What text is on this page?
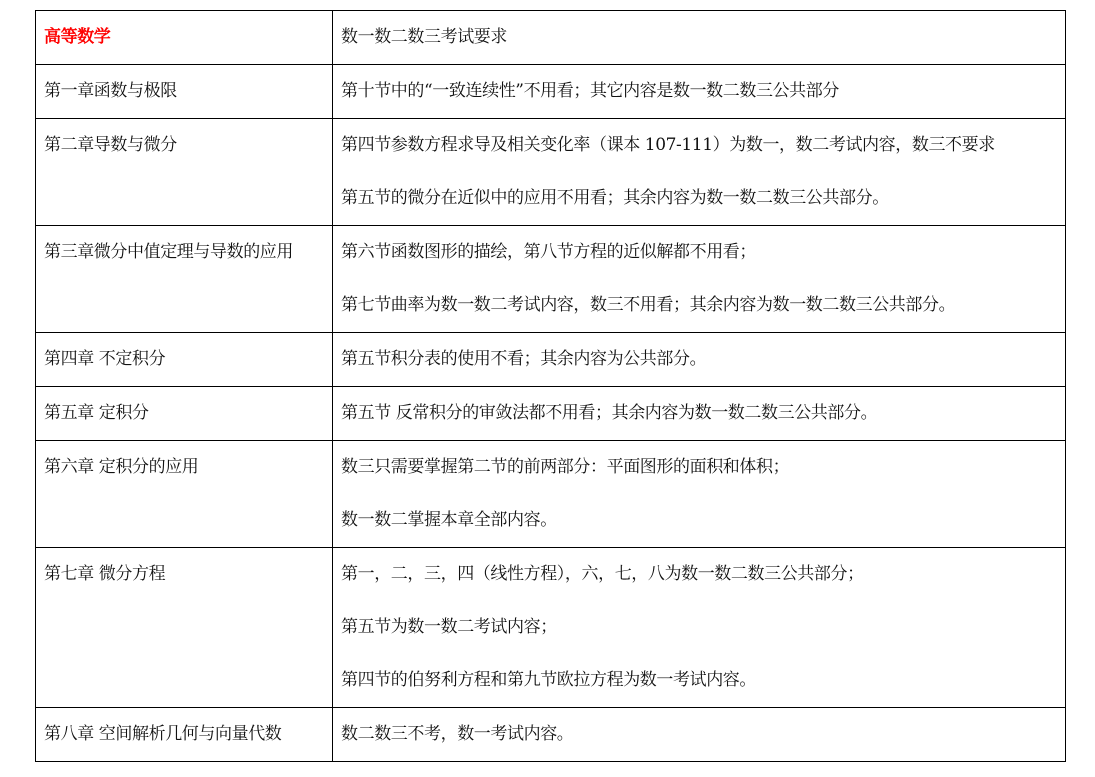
高等数学	数一数二数三考试要求

第一章函数与极限	第十节中的“一致连续性”不用看；其它内容是数一数二数三公共部分

第二章导数与微分	第四节参数方程求导及相关变化率（课本 107-111）为数一，数二考试内容，数三不要求
第五节的微分在近似中的应用不用看；其余内容为数一数二数三公共部分。

第三章微分中值定理与导数的应用	第六节函数图形的描绘，第八节方程的近似解都不用看；
第七节曲率为数一数二考试内容，数三不用看；其余内容为数一数二数三公共部分。

第四章 不定积分	第五节积分表的使用不看；其余内容为公共部分。

第五章 定积分	第五节 反常积分的审敛法都不用看；其余内容为数一数二数三公共部分。

第六章 定积分的应用	数三只需要掌握第二节的前两部分：平面图形的面积和体积；
数一数二掌握本章全部内容。

第七章 微分方程	第一，二，三，四（线性方程），六，七，八为数一数二数三公共部分；
第五节为数一数二考试内容；
第四节的伯努利方程和第九节欧拉方程为数一考试内容。

第八章 空间解析几何与向量代数	数二数三不考，数一考试内容。
